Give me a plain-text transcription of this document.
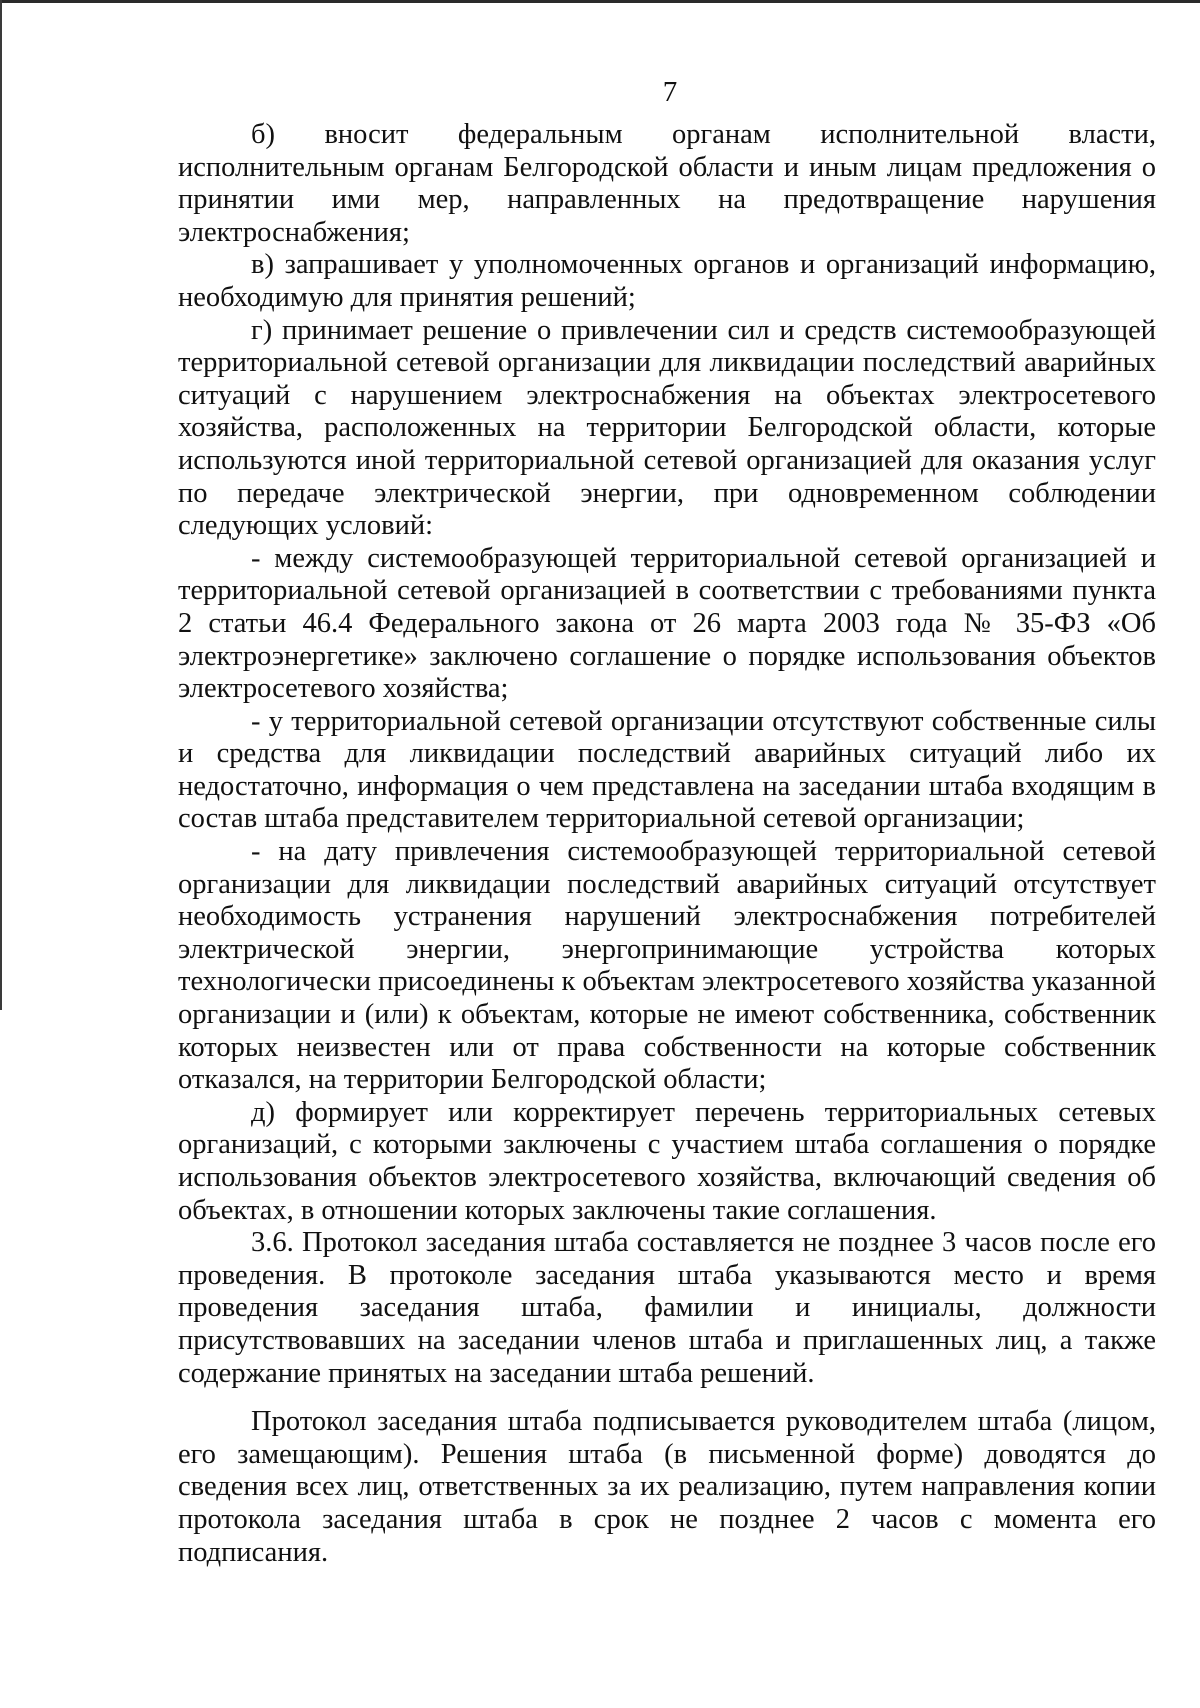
7

б) вносит федеральным органам исполнительной власти, исполнительным органам Белгородской области и иным лицам предложения о принятии ими мер, направленных на предотвращение нарушения электроснабжения;

в) запрашивает у уполномоченных органов и организаций информацию, необходимую для принятия решений;

г) принимает решение о привлечении сил и средств системообразующей территориальной сетевой организации для ликвидации последствий аварийных ситуаций с нарушением электроснабжения на объектах электросетевого хозяйства, расположенных на территории Белгородской области, которые используются иной территориальной сетевой организацией для оказания услуг по передаче электрической энергии, при одновременном соблюдении следующих условий:

- между системообразующей территориальной сетевой организацией и территориальной сетевой организацией в соответствии с требованиями пункта 2 статьи 46.4 Федерального закона от 26 марта 2003 года № 35-ФЗ «Об электроэнергетике» заключено соглашение о порядке использования объектов электросетевого хозяйства;

- у территориальной сетевой организации отсутствуют собственные силы и средства для ликвидации последствий аварийных ситуаций либо их недостаточно, информация о чем представлена на заседании штаба входящим в состав штаба представителем территориальной сетевой организации;

- на дату привлечения системообразующей территориальной сетевой организации для ликвидации последствий аварийных ситуаций отсутствует необходимость устранения нарушений электроснабжения потребителей электрической энергии, энергопринимающие устройства которых технологически присоединены к объектам электросетевого хозяйства указанной организации и (или) к объектам, которые не имеют собственника, собственник которых неизвестен или от права собственности на которые собственник отказался, на территории Белгородской области;

д) формирует или корректирует перечень территориальных сетевых организаций, с которыми заключены с участием штаба соглашения о порядке использования объектов электросетевого хозяйства, включающий сведения об объектах, в отношении которых заключены такие соглашения.

3.6. Протокол заседания штаба составляется не позднее 3 часов после его проведения. В протоколе заседания штаба указываются место и время проведения заседания штаба, фамилии и инициалы, должности присутствовавших на заседании членов штаба и приглашенных лиц, а также содержание принятых на заседании штаба решений.

Протокол заседания штаба подписывается руководителем штаба (лицом, его замещающим). Решения штаба (в письменной форме) доводятся до сведения всех лиц, ответственных за их реализацию, путем направления копии протокола заседания штаба в срок не позднее 2 часов с момента его подписания.
